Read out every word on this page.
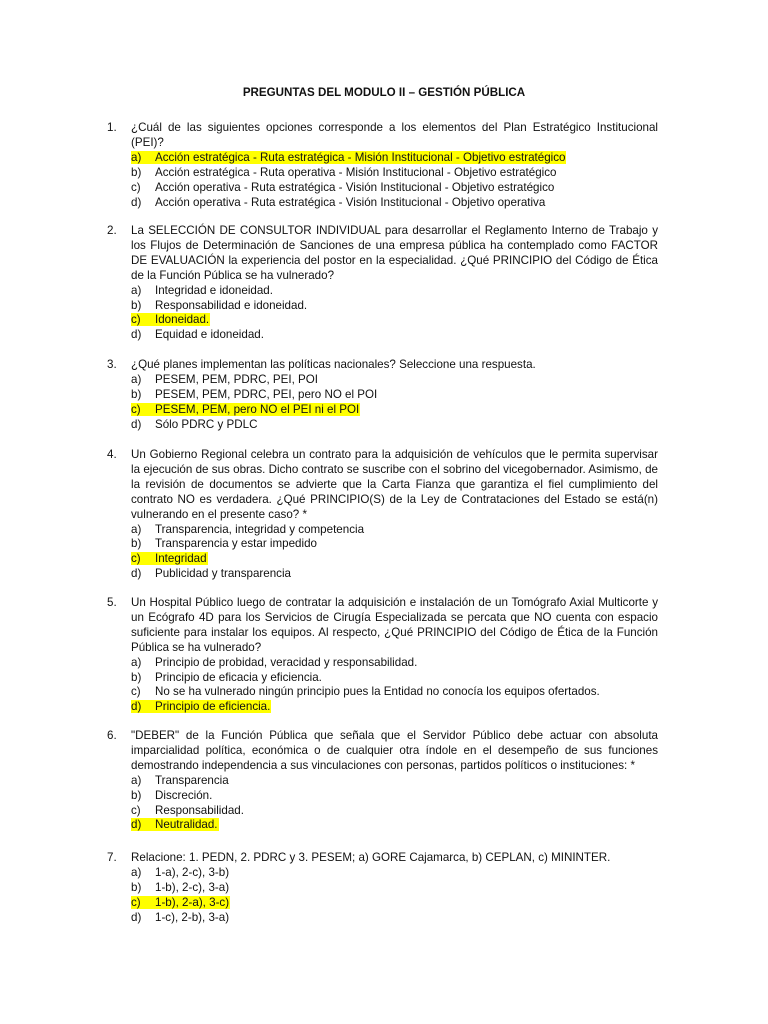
PREGUNTAS DEL MODULO II – GESTIÓN PÚBLICA
1.	¿Cuál de las siguientes opciones corresponde a los elementos del Plan Estratégico Institucional (PEI)?
a) Acción estratégica - Ruta estratégica - Misión Institucional - Objetivo estratégico
b) Acción estratégica - Ruta operativa - Misión Institucional - Objetivo estratégico
c) Acción operativa - Ruta estratégica - Visión Institucional - Objetivo estratégico
d) Acción operativa - Ruta estratégica - Visión Institucional - Objetivo operativa
2.	La SELECCIÓN DE CONSULTOR INDIVIDUAL para desarrollar el Reglamento Interno de Trabajo y los Flujos de Determinación de Sanciones de una empresa pública ha contemplado como FACTOR DE EVALUACIÓN la experiencia del postor en la especialidad. ¿Qué PRINCIPIO del Código de Ética de la Función Pública se ha vulnerado?
a) Integridad e idoneidad.
b) Responsabilidad e idoneidad.
c) Idoneidad.
d) Equidad e idoneidad.
3.	¿Qué planes implementan las políticas nacionales? Seleccione una respuesta.
a) PESEM, PEM, PDRC, PEI, POI
b) PESEM, PEM, PDRC, PEI, pero NO el POI
c) PESEM, PEM, pero NO el PEI ni el POI
d) Sólo PDRC y PDLC
4.	Un Gobierno Regional celebra un contrato para la adquisición de vehículos que le permita supervisar la ejecución de sus obras. Dicho contrato se suscribe con el sobrino del vicegobernador. Asimismo, de la revisión de documentos se advierte que la Carta Fianza que garantiza el fiel cumplimiento del contrato NO es verdadera. ¿Qué PRINCIPIO(S) de la Ley de Contrataciones del Estado se está(n) vulnerando en el presente caso? *
a) Transparencia, integridad y competencia
b) Transparencia y estar impedido
c) Integridad
d) Publicidad y transparencia
5.	Un Hospital Público luego de contratar la adquisición e instalación de un Tomógrafo Axial Multicorte y un Ecógrafo 4D para los Servicios de Cirugía Especializada se percata que NO cuenta con espacio suficiente para instalar los equipos. Al respecto, ¿Qué PRINCIPIO del Código de Ética de la Función Pública se ha vulnerado?
a) Principio de probidad, veracidad y responsabilidad.
b) Principio de eficacia y eficiencia.
c) No se ha vulnerado ningún principio pues la Entidad no conocía los equipos ofertados.
d) Principio de eficiencia.
6.	"DEBER" de la Función Pública que señala que el Servidor Público debe actuar con absoluta imparcialidad política, económica o de cualquier otra índole en el desempeño de sus funciones demostrando independencia a sus vinculaciones con personas, partidos políticos o instituciones: *
a) Transparencia
b) Discreción.
c) Responsabilidad.
d) Neutralidad.
7.	Relacione: 1. PEDN, 2. PDRC y 3. PESEM; a) GORE Cajamarca, b) CEPLAN, c) MININTER.
a) 1-a), 2-c), 3-b)
b) 1-b), 2-c), 3-a)
c) 1-b), 2-a), 3-c)
d) 1-c), 2-b), 3-a)
